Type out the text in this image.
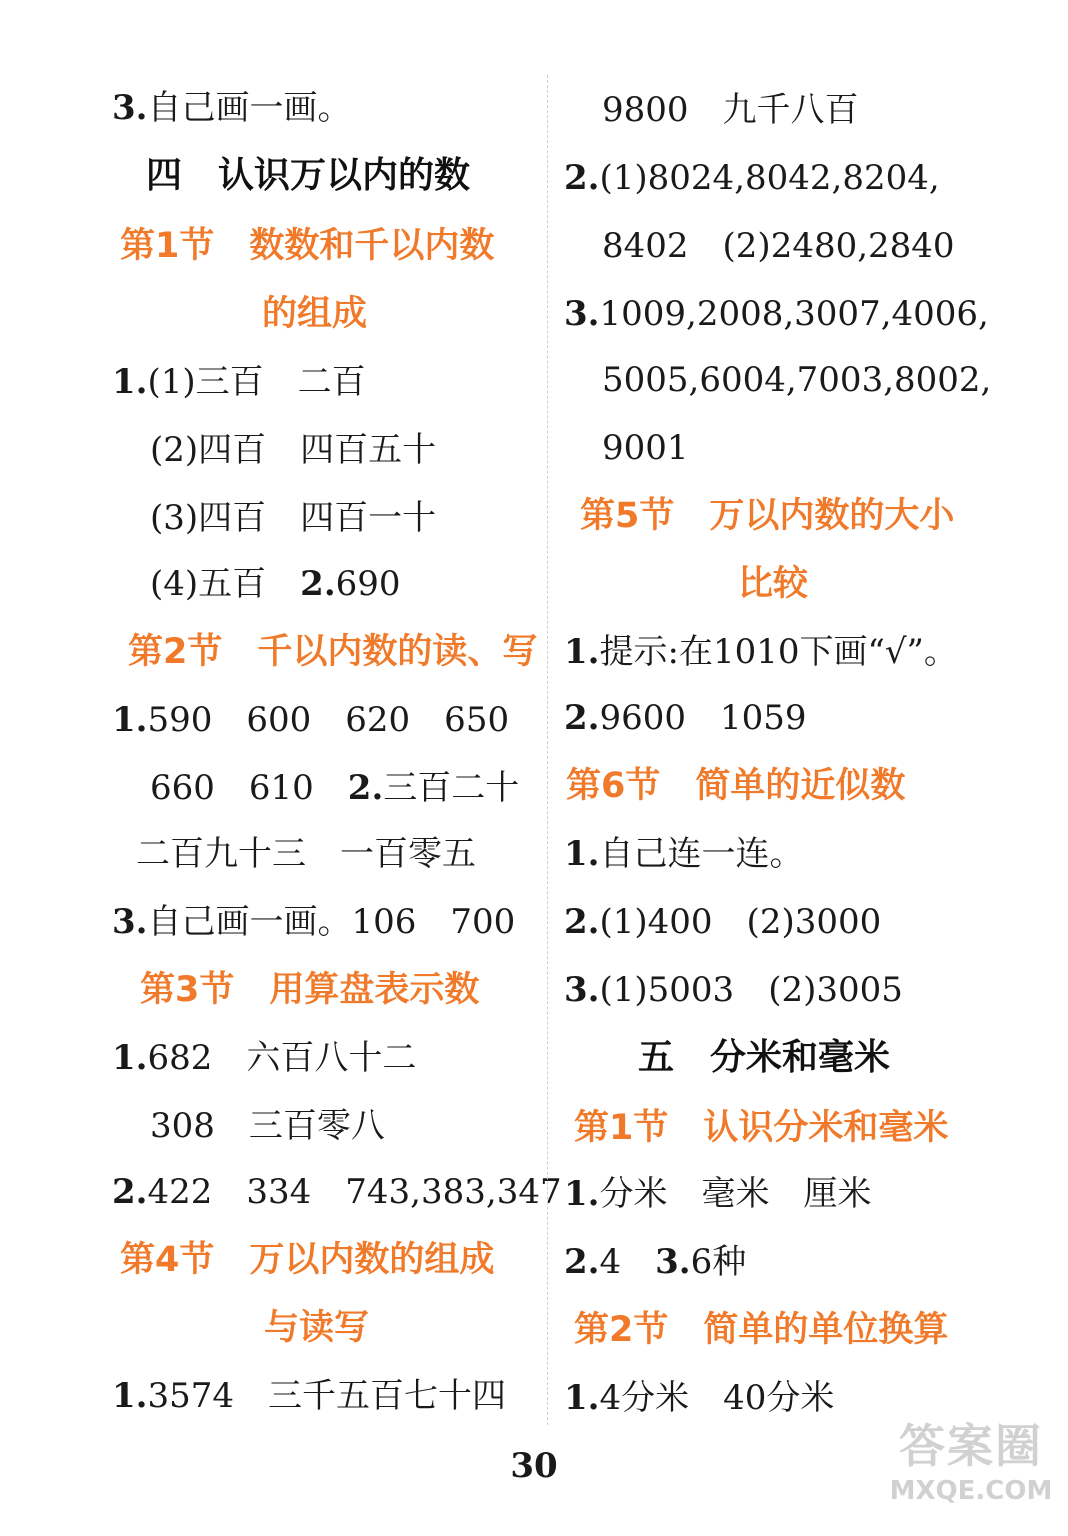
3.自己画一画。
四　认识万以内的数
第1节　数数和千以内数
的组成
1.(1)三百　二百
(2)四百　四百五十
(3)四百　四百一十
(4)五百　2.690
第2节　千以内数的读、写
1.590　600　620　650
660　610　2.三百二十
二百九十三　一百零五
3.自己画一画。106　700
第3节　用算盘表示数
1.682　六百八十二
308　三百零八
2.422　334　743,383,347
第4节　万以内数的组成
与读写
1.3574　三千五百七十四
9800　九千八百
2.(1)8024,8042,8204,
8402　(2)2480,2840
3.1009,2008,3007,4006,
5005,6004,7003,8002,
9001
第5节　万以内数的大小
比较
1.提示:在1010下画“√”。
2.9600　1059
第6节　简单的近似数
1.自己连一连。
2.(1)400　(2)3000
3.(1)5003　(2)3005
五　分米和毫米
第1节　认识分米和毫米
1.分米　毫米　厘米
2.4　3.6种
第2节　简单的单位换算
1.4分米　40分米
30	答案圈
MXQE.COM
